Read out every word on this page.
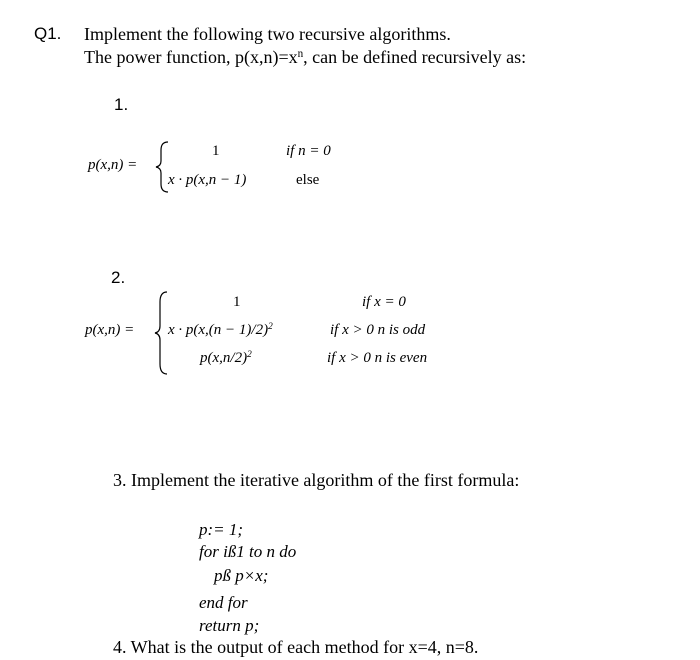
Q1. Implement the following two recursive algorithms.
The power function, $p(x,n)=x^n$, can be defined recursively as:
1.
p(x,n) =
1	if n = 0
x · p(x,n − 1)	else
2.
p(x,n) =
1	if x = 0
$x \cdot p(x,(n - 1)/2)^2$	if x > 0 n is odd
$p(x,n/2)^2$	if x > 0 n is even
3. Implement the iterative algorithm of the first formula:
p:= 1;
for iß1 to n do
pß p×x;
end for
return p;
4. What is the output of each method for x=4, n=8.
